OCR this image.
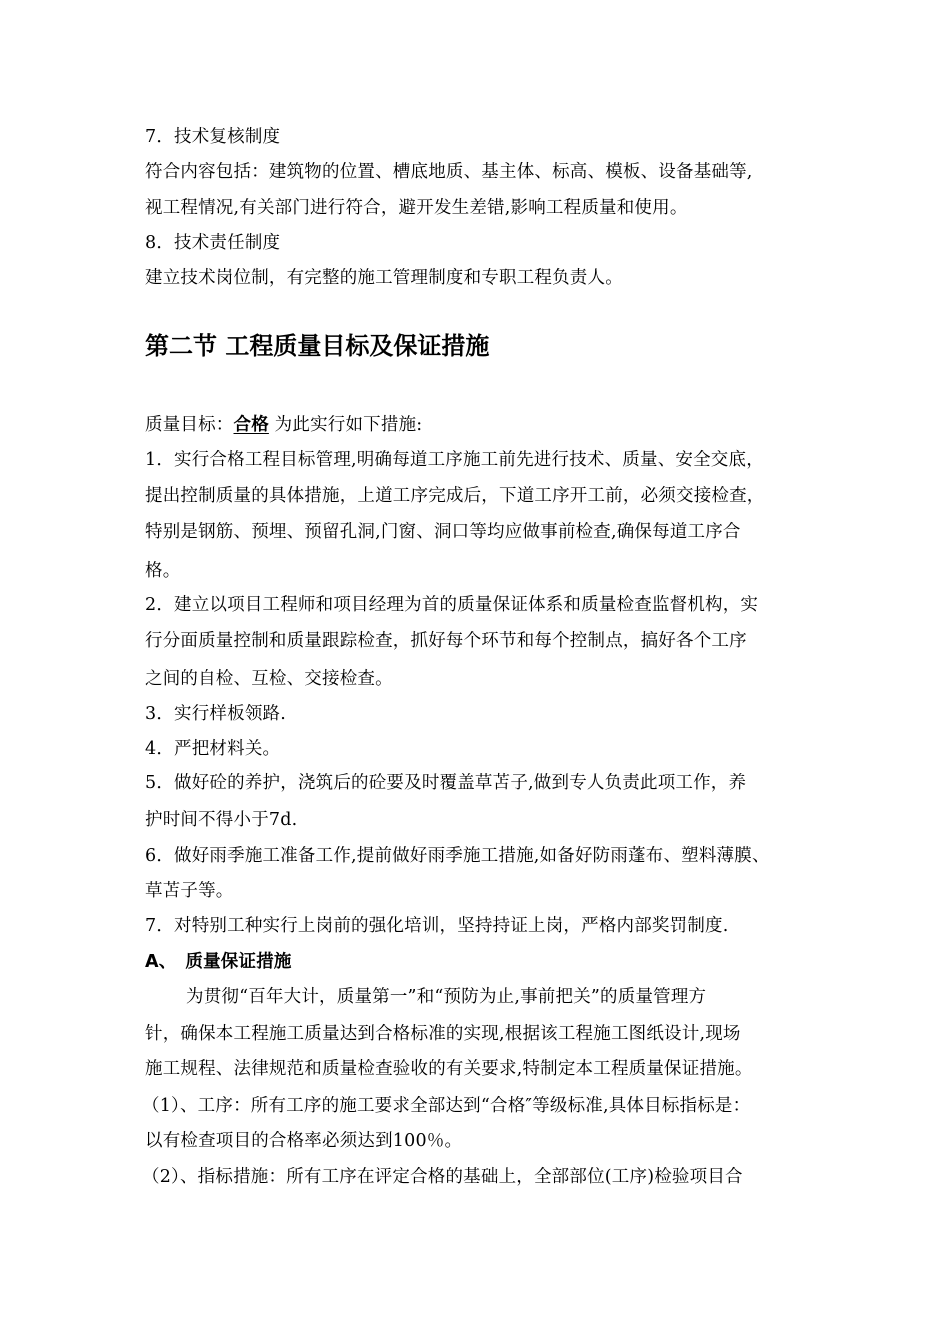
7．技术复核制度
符合内容包括：建筑物的位置、槽底地质、基主体、标高、模板、设备基础等,
视工程情况,有关部门进行符合，避开发生差错,影响工程质量和使用。
8．技术责任制度
建立技术岗位制，有完整的施工管理制度和专职工程负责人。
第二节 工程质量目标及保证措施
质量目标：合格 为此实行如下措施:
1．实行合格工程目标管理,明确每道工序施工前先进行技术、质量、安全交底，
提出控制质量的具体措施，上道工序完成后，下道工序开工前，必须交接检查，
特别是钢筋、预埋、预留孔洞,门窗、洞口等均应做事前检查,确保每道工序合
格。
2．建立以项目工程师和项目经理为首的质量保证体系和质量检查监督机构，实
行分面质量控制和质量跟踪检查，抓好每个环节和每个控制点，搞好各个工序
之间的自检、互检、交接检查。
3．实行样板领路.
4．严把材料关。
5．做好砼的养护，浇筑后的砼要及时覆盖草苫子,做到专人负责此项工作，养
护时间不得小于7d.
6．做好雨季施工准备工作,提前做好雨季施工措施,如备好防雨蓬布、塑料薄膜、
草苫子等。
7．对特别工种实行上岗前的强化培训，坚持持证上岗，严格内部奖罚制度.
A、　质量保证措施
为贯彻“百年大计，质量第一”和“预防为止,事前把关”的质量管理方
针，确保本工程施工质量达到合格标准的实现,根据该工程施工图纸设计,现场
施工规程、法律规范和质量检查验收的有关要求,特制定本工程质量保证措施。
（1）、工序：所有工序的施工要求全部达到“合格″等级标准,具体目标指标是：
以有检查项目的合格率必须达到100％。
（2）、指标措施：所有工序在评定合格的基础上，全部部位(工序)检验项目合
